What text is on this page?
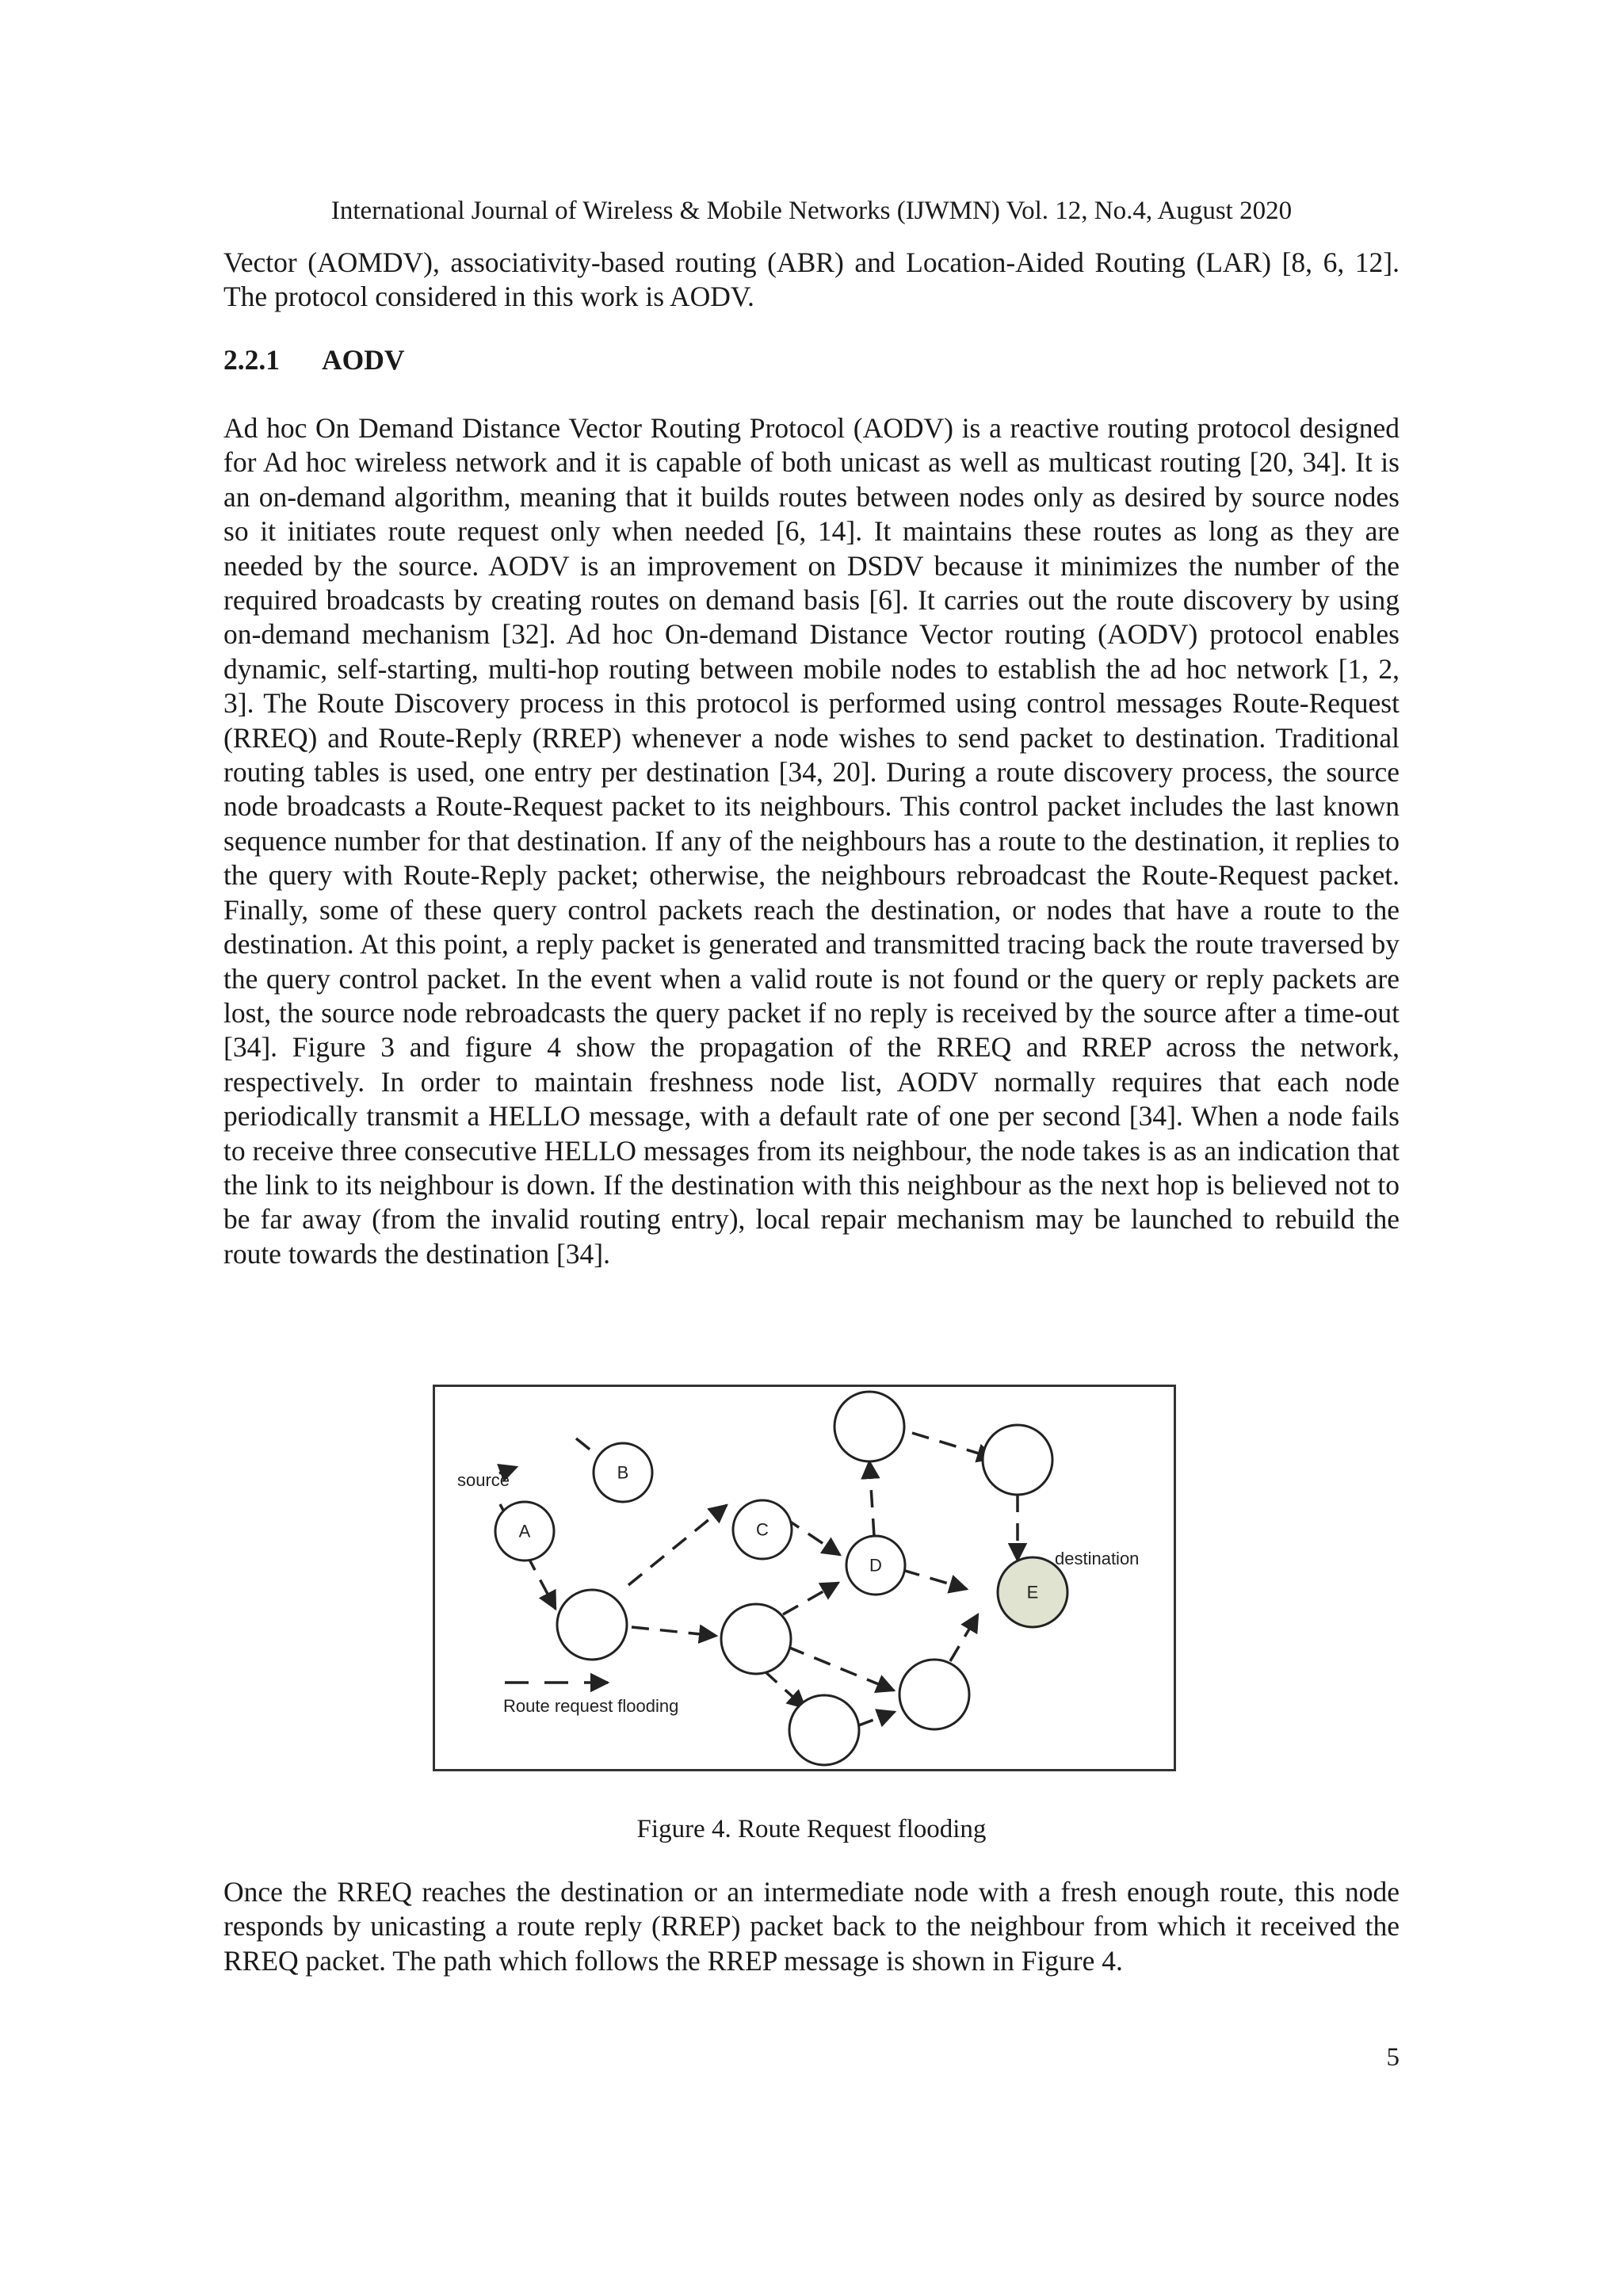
International Journal of Wireless & Mobile Networks (IJWMN) Vol. 12, No.4, August 2020
Vector (AOMDV), associativity-based routing (ABR) and Location-Aided Routing (LAR) [8, 6, 12]. The protocol considered in this work is AODV.
2.2.1 AODV
Ad hoc On Demand Distance Vector Routing Protocol (AODV) is a reactive routing protocol designed for Ad hoc wireless network and it is capable of both unicast as well as multicast routing [20, 34]. It is an on-demand algorithm, meaning that it builds routes between nodes only as desired by source nodes so it initiates route request only when needed [6, 14]. It maintains these routes as long as they are needed by the source. AODV is an improvement on DSDV because it minimizes the number of the required broadcasts by creating routes on demand basis [6]. It carries out the route discovery by using on-demand mechanism [32]. Ad hoc On-demand Distance Vector routing (AODV) protocol enables dynamic, self-starting, multi-hop routing between mobile nodes to establish the ad hoc network [1, 2, 3]. The Route Discovery process in this protocol is performed using control messages Route-Request (RREQ) and Route-Reply (RREP) whenever a node wishes to send packet to destination. Traditional routing tables is used, one entry per destination [34, 20]. During a route discovery process, the source node broadcasts a Route-Request packet to its neighbours. This control packet includes the last known sequence number for that destination. If any of the neighbours has a route to the destination, it replies to the query with Route-Reply packet; otherwise, the neighbours rebroadcast the Route-Request packet. Finally, some of these query control packets reach the destination, or nodes that have a route to the destination. At this point, a reply packet is generated and transmitted tracing back the route traversed by the query control packet. In the event when a valid route is not found or the query or reply packets are lost, the source node rebroadcasts the query packet if no reply is received by the source after a time-out [34]. Figure 3 and figure 4 show the propagation of the RREQ and RREP across the network, respectively. In order to maintain freshness node list, AODV normally requires that each node periodically transmit a HELLO message, with a default rate of one per second [34]. When a node fails to receive three consecutive HELLO messages from its neighbour, the node takes is as an indication that the link to its neighbour is down. If the destination with this neighbour as the next hop is believed not to be far away (from the invalid routing entry), local repair mechanism may be launched to rebuild the route towards the destination [34].
A
B
C
D
E
source
destination
Route request flooding
Figure 4. Route Request flooding
Once the RREQ reaches the destination or an intermediate node with a fresh enough route, this node responds by unicasting a route reply (RREP) packet back to the neighbour from which it received the RREQ packet. The path which follows the RREP message is shown in Figure 4.
5
